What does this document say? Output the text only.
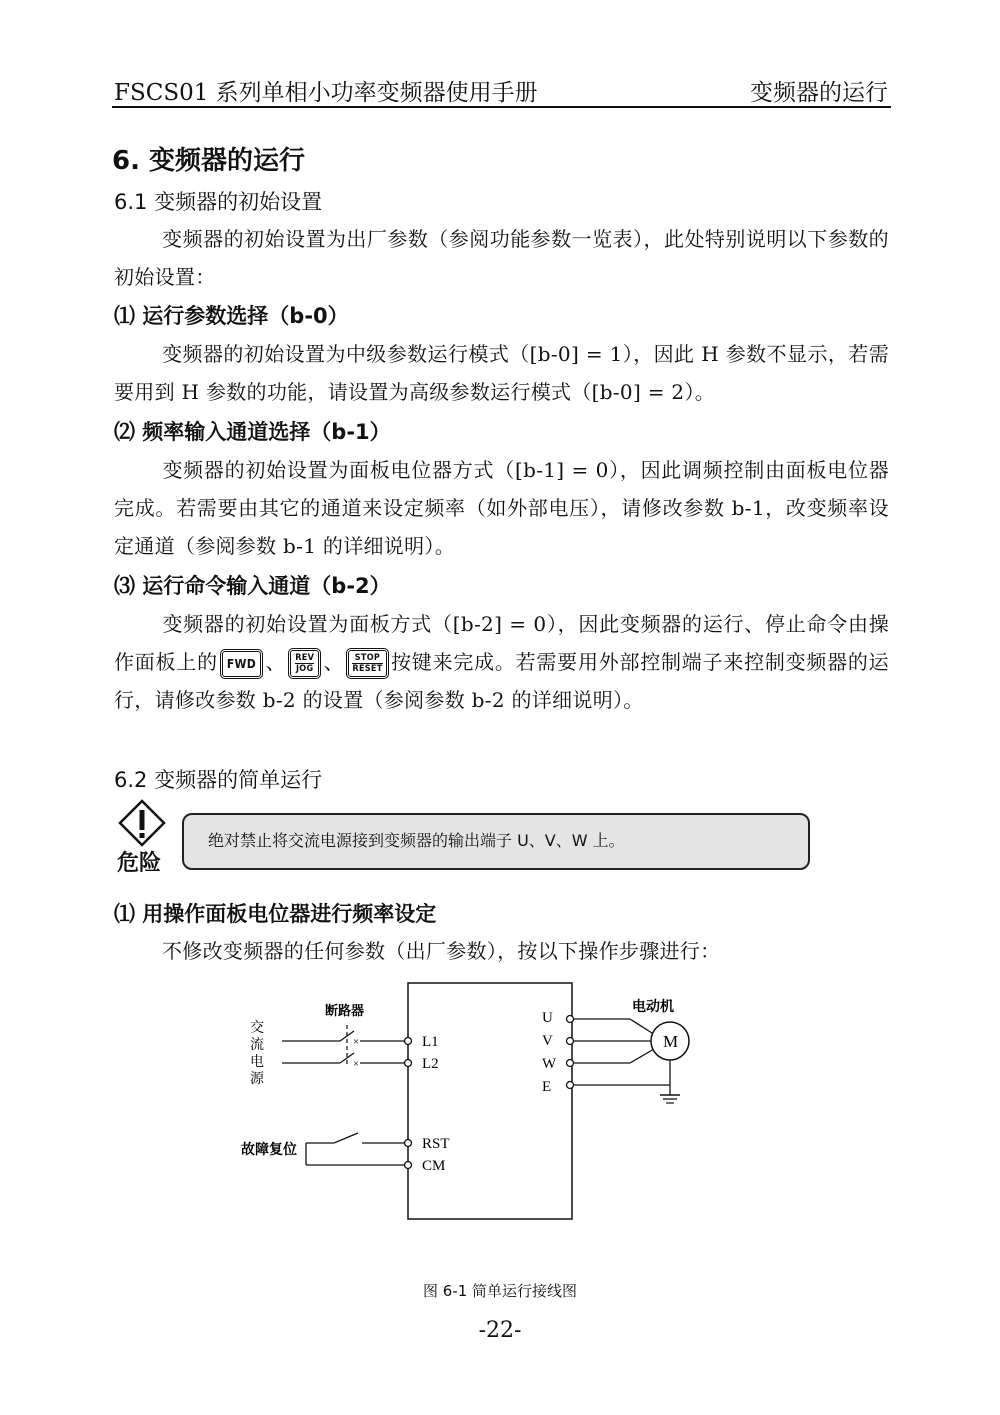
FSCS01 系列单相小功率变频器使用手册	变频器的运行
6. 变频器的运行
6.1 变频器的初始设置
变频器的初始设置为出厂参数（参阅功能参数一览表），此处特别说明以下参数的初始设置：
⑴ 运行参数选择（b-0）
变频器的初始设置为中级参数运行模式（[b-0] = 1），因此 H 参数不显示，若需要用到 H 参数的功能，请设置为高级参数运行模式（[b-0] = 2）。
⑵ 频率输入通道选择（b-1）
变频器的初始设置为面板电位器方式（[b-1] = 0），因此调频控制由面板电位器完成。若需要由其它的通道来设定频率（如外部电压），请修改参数 b-1，改变频率设定通道（参阅参数 b-1 的详细说明）。
⑶ 运行命令输入通道（b-2）
变频器的初始设置为面板方式（[b-2] = 0），因此变频器的运行、停止命令由操作面板上的 FWD 、 REV
JOG 、 STOP
RESET 按键来完成。若需要用外部控制端子来控制变频器的运行，请修改参数 b-2 的设置（参阅参数 b-2 的详细说明）。
6.2 变频器的简单运行
危险
绝对禁止将交流电源接到变频器的输出端子 U、V、W 上。
⑴ 用操作面板电位器进行频率设定
不修改变频器的任何参数（出厂参数），按以下操作步骤进行：
断路器
交
流
电
源
故障复位
电动机
×
×
L1
L2
RST
CM
U
V
W
E
M
图 6-1 简单运行接线图
-22-
